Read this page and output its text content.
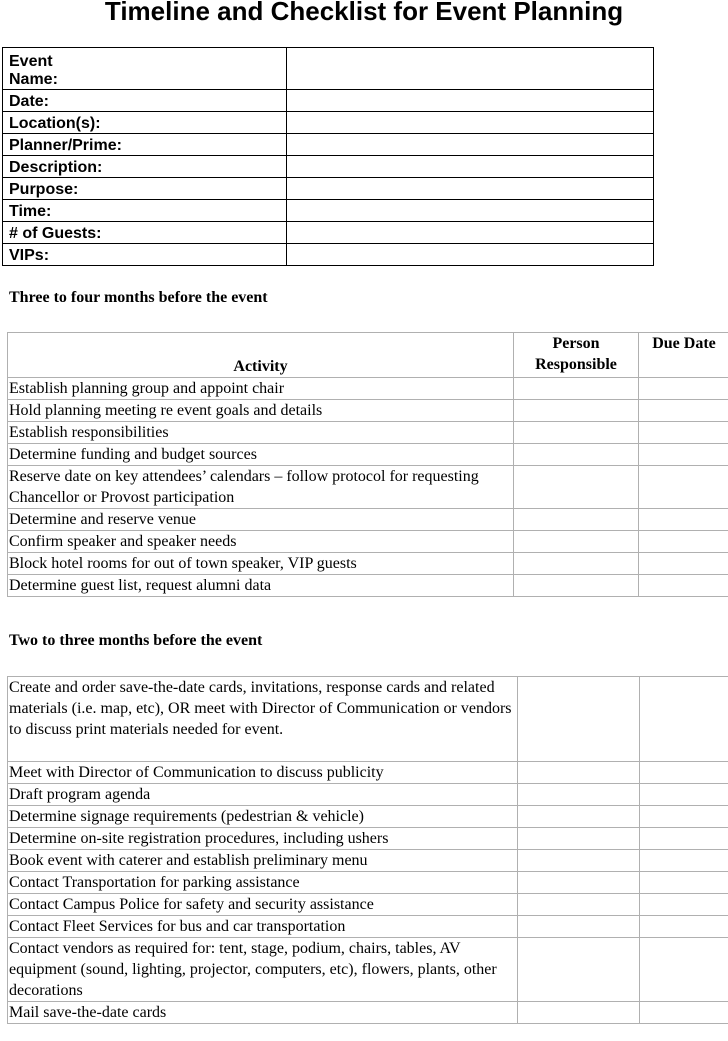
Timeline and Checklist for Event Planning
Event Name:	

Date:	

Location(s):	

Planner/Prime:	

Description:	

Purpose:	

Time:	

# of Guests:	

VIPs:	

Three to four months before the event
Activity	Person Responsible	Due Date
Establish planning group and appoint chair		
Hold planning meeting re event goals and details		
Establish responsibilities		
Determine funding and budget sources		
Reserve date on key attendees’ calendars – follow protocol for requesting Chancellor or Provost participation		
Determine and reserve venue		
Confirm speaker and speaker needs		
Block hotel rooms for out of town speaker, VIP guests		
Determine guest list, request alumni data		
Two to three months before the event
Create and order save-the-date cards, invitations, response cards and related materials (i.e. map, etc), OR meet with Director of Communication or vendors to discuss print materials needed for event.		
Meet with Director of Communication to discuss publicity		
Draft program agenda		
Determine signage requirements (pedestrian & vehicle)		
Determine on-site registration procedures, including ushers		
Book event with caterer and establish preliminary menu		
Contact Transportation for parking assistance		
Contact Campus Police for safety and security assistance		
Contact Fleet Services for bus and car transportation		
Contact vendors as required for: tent, stage, podium, chairs, tables, AV equipment (sound, lighting, projector, computers, etc), flowers, plants, other decorations		
Mail save-the-date cards		
